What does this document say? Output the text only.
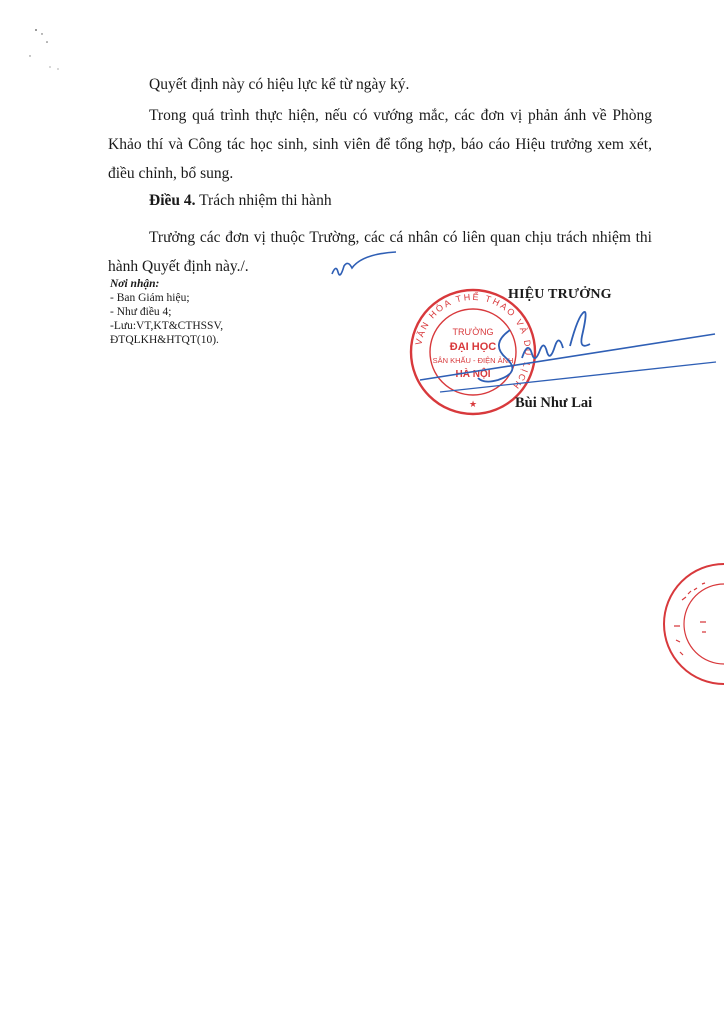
Quyết định này có hiệu lực kể từ ngày ký.

Trong quá trình thực hiện, nếu có vướng mắc, các đơn vị phản ánh về Phòng Khảo thí và Công tác học sinh, sinh viên để tổng hợp, báo cáo Hiệu trưởng xem xét, điều chỉnh, bổ sung.

Điều 4. Trách nhiệm thi hành

Trưởng các đơn vị thuộc Trường, các cá nhân có liên quan chịu trách nhiệm thi hành Quyết định này./.

Nơi nhận:
- Ban Giám hiệu;
- Như điều 4;
-Lưu:VT,KT&CTHSSV,
ĐTQLKH&HTQT(10).
HIỆU TRƯỞNG
VĂN HÓA THỂ THAO VÀ DU LỊCH
TRƯỜNG
ĐẠI HỌC
SÂN KHẤU - ĐIỆN ẢNH
HÀ NỘI
★	Bùi Như Lai
